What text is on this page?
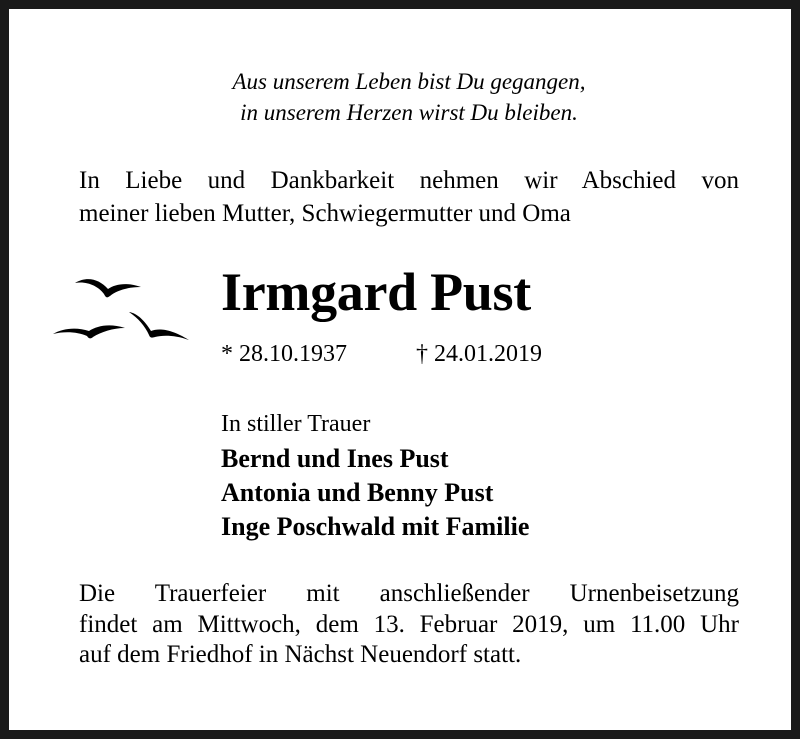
Aus unserem Leben bist Du gegangen,
in unserem Herzen wirst Du bleiben.
In Liebe und Dankbarkeit nehmen wir Abschied von
meiner lieben Mutter, Schwiegermutter und Oma
Irmgard Pust
* 28.10.1937	† 24.01.2019
In stiller Trauer
Bernd und Ines Pust
Antonia und Benny Pust
Inge Poschwald mit Familie
Die Trauerfeier mit anschließender Urnenbeisetzung
findet am Mittwoch, dem 13. Februar 2019, um 11.00 Uhr
auf dem Friedhof in Nächst Neuendorf statt.
